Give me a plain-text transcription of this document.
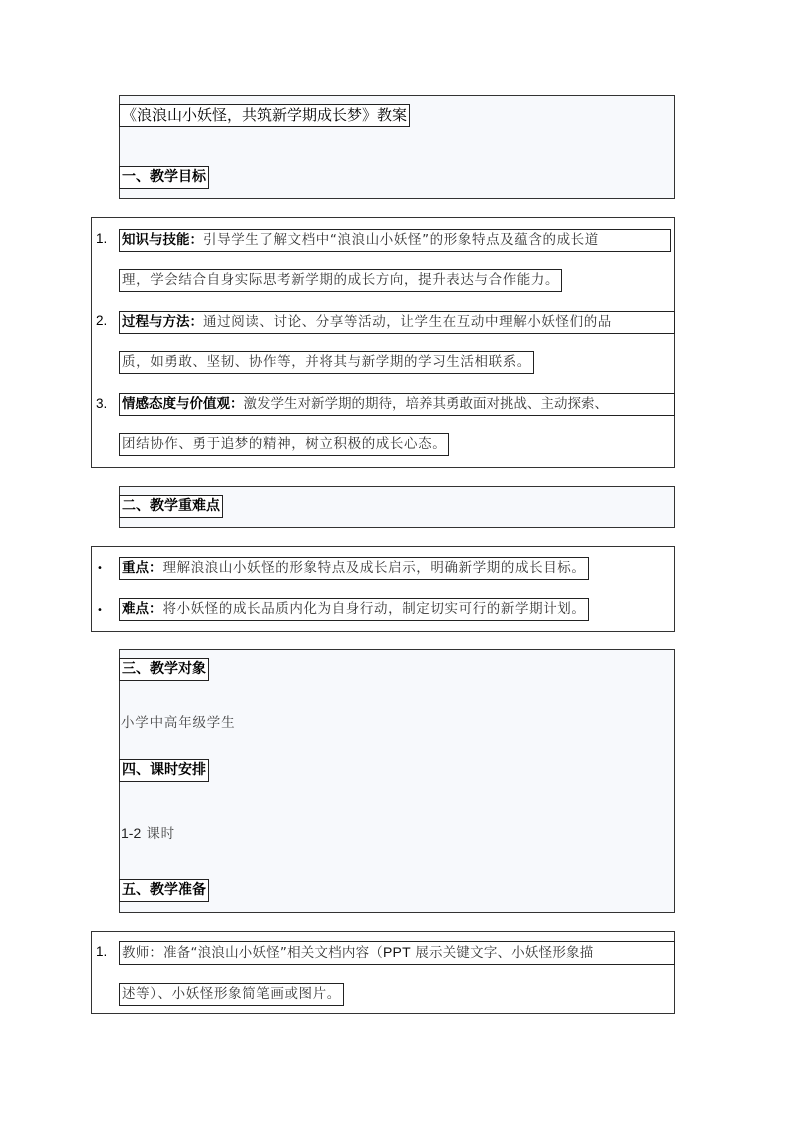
《浪浪山小妖怪，共筑新学期成长梦》教案
一、教学目标
1. 知识与技能：引导学生了解文档中“浪浪山小妖怪”的形象特点及蕴含的成长道
理，学会结合自身实际思考新学期的成长方向，提升表达与合作能力。
2. 过程与方法：通过阅读、讨论、分享等活动，让学生在互动中理解小妖怪们的品
质，如勇敢、坚韧、协作等，并将其与新学期的学习生活相联系。
3. 情感态度与价值观：激发学生对新学期的期待，培养其勇敢面对挑战、主动探索、
团结协作、勇于追梦的精神，树立积极的成长心态。
二、教学重难点
• 重点：理解浪浪山小妖怪的形象特点及成长启示，明确新学期的成长目标。
• 难点：将小妖怪的成长品质内化为自身行动，制定切实可行的新学期计划。
三、教学对象
小学中高年级学生
四、课时安排
1-2 课时
五、教学准备
1. 教师：准备“浪浪山小妖怪”相关文档内容（PPT 展示关键文字、小妖怪形象描
述等）、小妖怪形象简笔画或图片。
